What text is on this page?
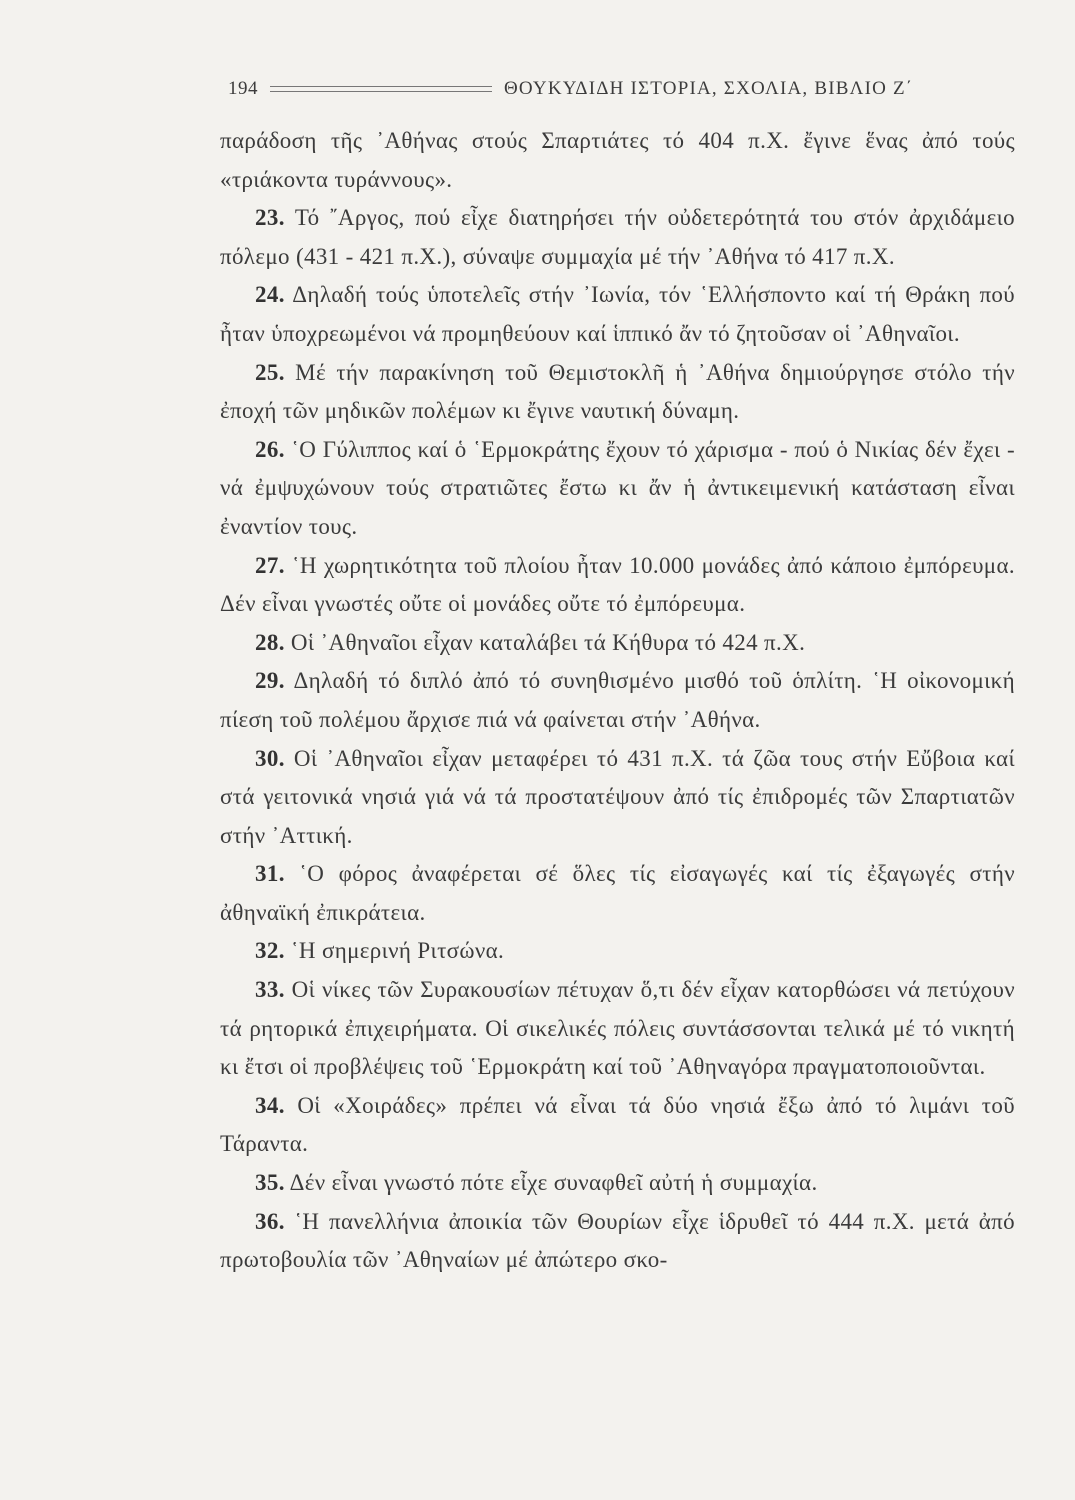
194	ΘΟΥΚΥΔΙΔΗ ΙΣΤΟΡΙΑ, ΣΧΟΛΙΑ, ΒΙΒΛΙΟ Ζ΄

παράδοση τῆς ᾿Αθήνας στούς Σπαρτιάτες τό 404 π.Χ. ἔγινε ἕνας ἀπό τούς «τριάκοντα τυράννους».

23. Τό ῎Αργος, πού εἶχε διατηρήσει τήν οὐδετερότητά του στόν ἀρχιδάμειο πόλεμο (431 - 421 π.Χ.), σύναψε συμμαχία μέ τήν ᾿Αθήνα τό 417 π.Χ.

24. Δηλαδή τούς ὑποτελεῖς στήν ᾿Ιωνία, τόν ῾Ελλήσποντο καί τή Θράκη πού ἦταν ὑποχρεωμένοι νά προμηθεύουν καί ἱππικό ἄν τό ζητοῦσαν οἱ ᾿Αθηναῖοι.

25. Μέ τήν παρακίνηση τοῦ Θεμιστοκλῆ ἡ ᾿Αθήνα δημιούργησε στόλο τήν ἐποχή τῶν μηδικῶν πολέμων κι ἔγινε ναυτική δύναμη.

26. ῾Ο Γύλιππος καί ὁ ῾Ερμοκράτης ἔχουν τό χάρισμα - πού ὁ Νικίας δέν ἔχει - νά ἐμψυχώνουν τούς στρατιῶτες ἔστω κι ἄν ἡ ἀντικειμενική κατάσταση εἶναι ἐναντίον τους.

27. ῾Η χωρητικότητα τοῦ πλοίου ἦταν 10.000 μονάδες ἀπό κάποιο ἐμπόρευμα. Δέν εἶναι γνωστές οὔτε οἱ μονάδες οὔτε τό ἐμπόρευμα.

28. Οἱ ᾿Αθηναῖοι εἶχαν καταλάβει τά Κήθυρα τό 424 π.Χ.

29. Δηλαδή τό διπλό ἀπό τό συνηθισμένο μισθό τοῦ ὁπλίτη. ῾Η οἰκονομική πίεση τοῦ πολέμου ἄρχισε πιά νά φαίνεται στήν ᾿Αθήνα.

30. Οἱ ᾿Αθηναῖοι εἶχαν μεταφέρει τό 431 π.Χ. τά ζῶα τους στήν Εὔβοια καί στά γειτονικά νησιά γιά νά τά προστατέψουν ἀπό τίς ἐπιδρομές τῶν Σπαρτιατῶν στήν ᾿Αττική.

31. ῾Ο φόρος ἀναφέρεται σέ ὅλες τίς εἰσαγωγές καί τίς ἐξαγωγές στήν ἀθηναϊκή ἐπικράτεια.

32. ῾Η σημερινή Ριτσώνα.

33. Οἱ νίκες τῶν Συρακουσίων πέτυχαν ὅ,τι δέν εἶχαν κατορθώσει νά πετύχουν τά ρητορικά ἐπιχειρήματα. Οἱ σικελικές πόλεις συντάσσονται τελικά μέ τό νικητή κι ἔτσι οἱ προβλέψεις τοῦ ῾Ερμοκράτη καί τοῦ ᾿Αθηναγόρα πραγματοποιοῦνται.

34. Οἱ «Χοιράδες» πρέπει νά εἶναι τά δύο νησιά ἔξω ἀπό τό λιμάνι τοῦ Τάραντα.

35. Δέν εἶναι γνωστό πότε εἶχε συναφθεῖ αὐτή ἡ συμμαχία.

36. ῾Η πανελλήνια ἀποικία τῶν Θουρίων εἶχε ἱδρυθεῖ τό 444 π.Χ. μετά ἀπό πρωτοβουλία τῶν ᾿Αθηναίων μέ ἀπώτερο σκο-
